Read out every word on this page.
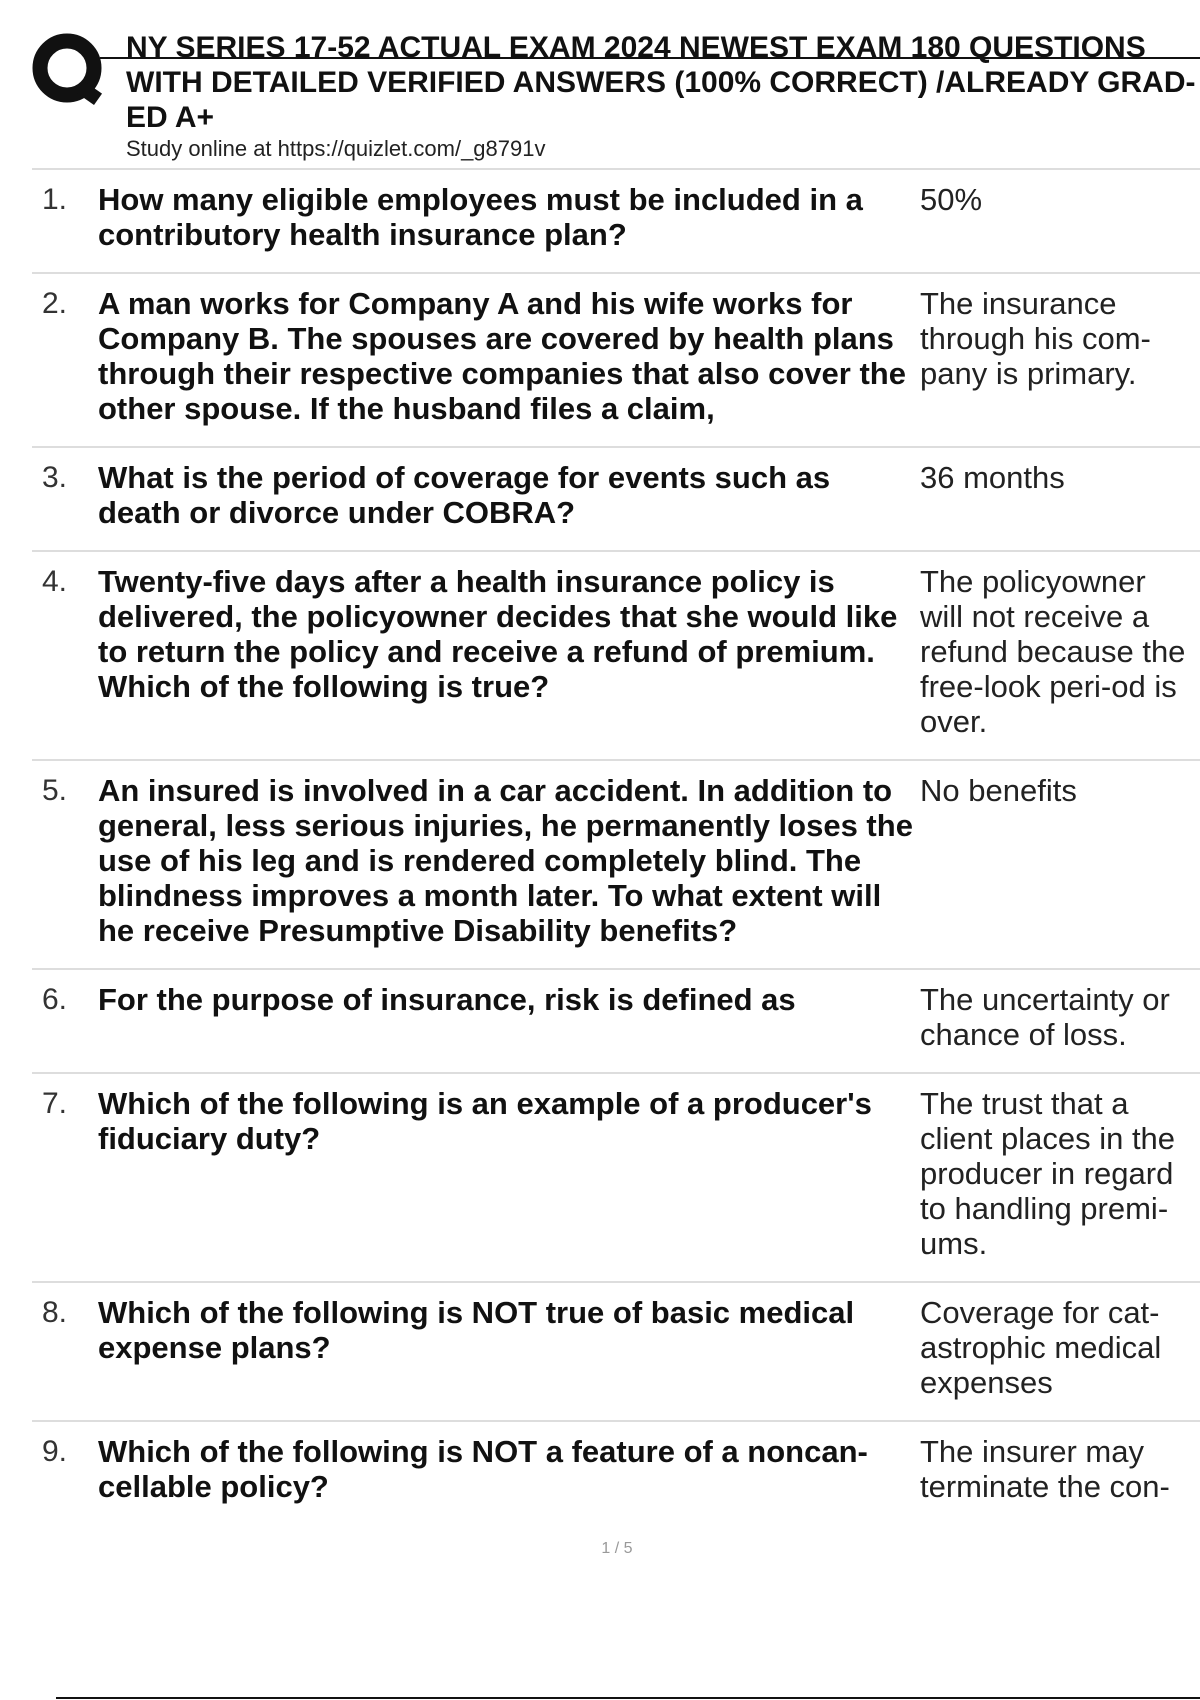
NY SERIES 17-52 ACTUAL EXAM 2024 NEWEST EXAM 180 QUESTIONS
WITH DETAILED VERIFIED ANSWERS (100% CORRECT) /ALREADY GRAD-
ED A+
Study online at https://quizlet.com/_g8791v
1. How many eligible employees must be included in a contributory health insurance plan?
50%
2. A man works for Company A and his wife works for Company B. The spouses are covered by health plans through their respective companies that also cover the other spouse. If the husband files a claim,
The insurance through his com-pany is primary.
3. What is the period of coverage for events such as death or divorce under COBRA?
36 months
4. Twenty-five days after a health insurance policy is delivered, the policyowner decides that she would like to return the policy and receive a refund of premium. Which of the following is true?
The policyowner will not receive a refund because the free-look peri-od is over.
5. An insured is involved in a car accident. In addition to general, less serious injuries, he permanently loses the use of his leg and is rendered completely blind. The blindness improves a month later. To what extent will he receive Presumptive Disability benefits?
No benefits
6. For the purpose of insurance, risk is defined as	The uncertainty or chance of loss.
7. Which of the following is an example of a producer's fiduciary duty?
The trust that a client places in the producer in regard to handling premi-ums.
8. Which of the following is NOT true of basic medical expense plans?
Coverage for cat-astrophic medical expenses
9. Which of the following is NOT a feature of a noncan-cellable policy?
The insurer may terminate the con-
1 / 5
